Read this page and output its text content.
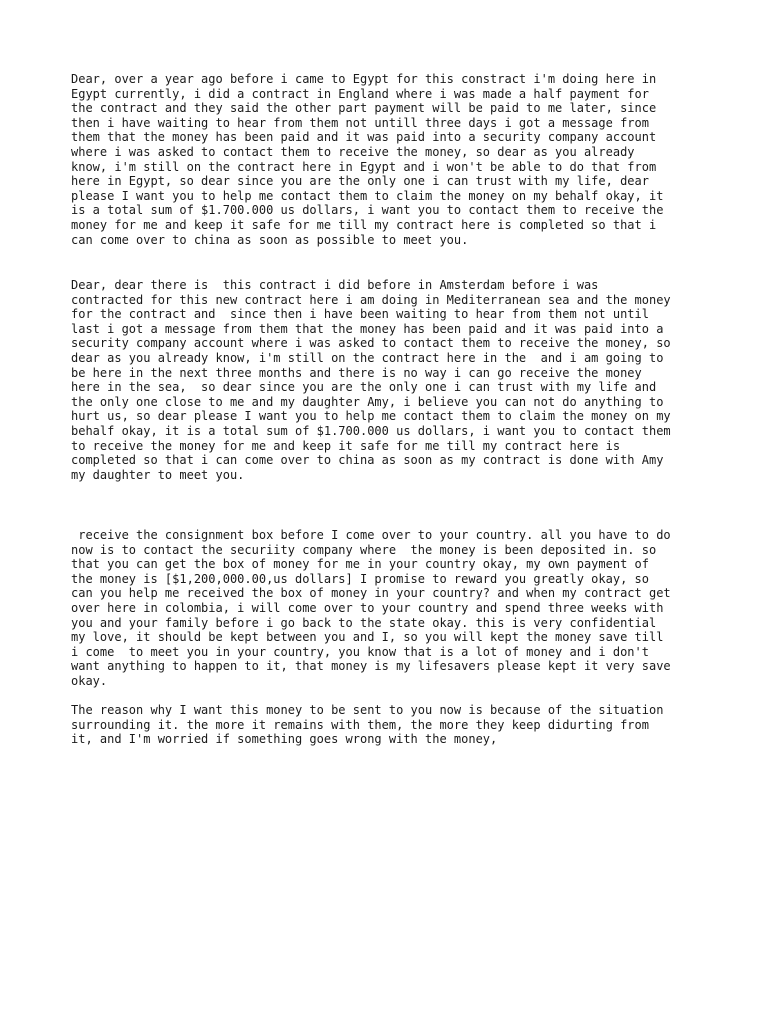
Dear, over a year ago before i came to Egypt for this constract i'm doing here in
Egypt currently, i did a contract in England where i was made a half payment for
the contract and they said the other part payment will be paid to me later, since
then i have waiting to hear from them not untill three days i got a message from
them that the money has been paid and it was paid into a security company account
where i was asked to contact them to receive the money, so dear as you already
know, i'm still on the contract here in Egypt and i won't be able to do that from
here in Egypt, so dear since you are the only one i can trust with my life, dear
please I want you to help me contact them to claim the money on my behalf okay, it
is a total sum of $1.700.000 us dollars, i want you to contact them to receive the
money for me and keep it safe for me till my contract here is completed so that i
can come over to china as soon as possible to meet you.

Dear, dear there is  this contract i did before in Amsterdam before i was
contracted for this new contract here i am doing in Mediterranean sea and the money
for the contract and  since then i have been waiting to hear from them not until
last i got a message from them that the money has been paid and it was paid into a
security company account where i was asked to contact them to receive the money, so
dear as you already know, i'm still on the contract here in the  and i am going to
be here in the next three months and there is no way i can go receive the money
here in the sea,  so dear since you are the only one i can trust with my life and
the only one close to me and my daughter Amy, i believe you can not do anything to
hurt us, so dear please I want you to help me contact them to claim the money on my
behalf okay, it is a total sum of $1.700.000 us dollars, i want you to contact them
to receive the money for me and keep it safe for me till my contract here is
completed so that i can come over to china as soon as my contract is done with Amy
my daughter to meet you.

receive the consignment box before I come over to your country. all you have to do
now is to contact the securiity company where  the money is been deposited in. so
that you can get the box of money for me in your country okay, my own payment of
the money is [$1,200,000.00,us dollars] I promise to reward you greatly okay, so
can you help me received the box of money in your country? and when my contract get
over here in colombia, i will come over to your country and spend three weeks with
you and your family before i go back to the state okay. this is very confidential
my love, it should be kept between you and I, so you will kept the money save till
i come  to meet you in your country, you know that is a lot of money and i don't
want anything to happen to it, that money is my lifesavers please kept it very save
okay.

The reason why I want this money to be sent to you now is because of the situation
surrounding it. the more it remains with them, the more they keep didurting from
it, and I'm worried if something goes wrong with the money,
